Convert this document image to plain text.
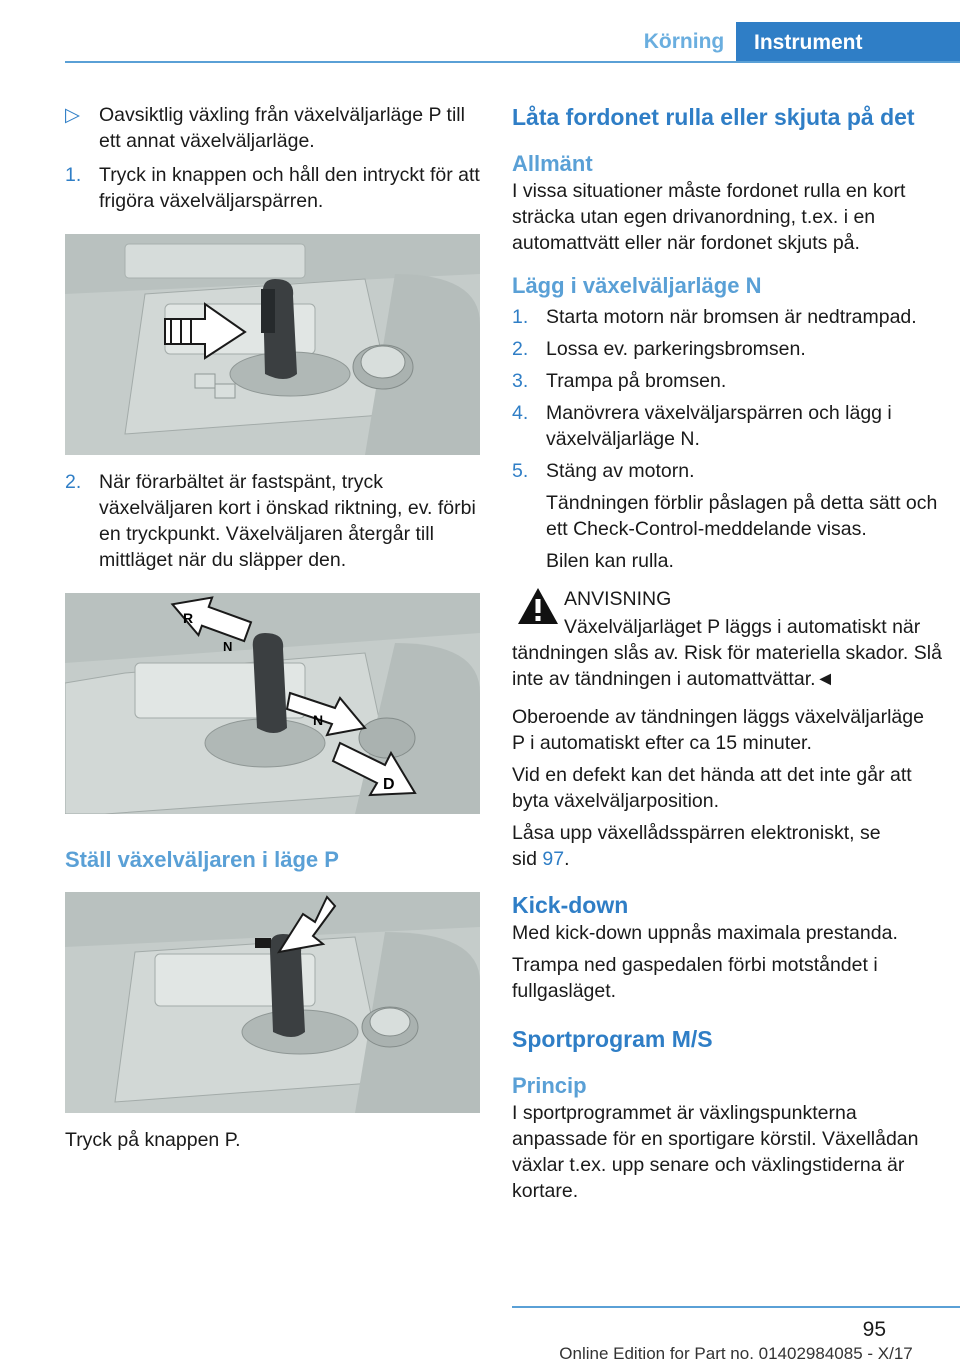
Körning	Instrument
▷ Oavsiktlig växling från växelväljarläge P till ett annat växelväljarläge.
1. Tryck in knappen och håll den intryckt för att frigöra växelväljarspärren.
2. När förarbältet är fastspänt, tryck växelväljaren kort i önskad riktning, ev. förbi en tryckpunkt. Växelväljaren återgår till mittläget när du släpper den.
R
N
N
D
Ställ växelväljaren i läge P
Tryck på knappen P.
Låta fordonet rulla eller skjuta på det
Allmänt
I vissa situationer måste fordonet rulla en kort sträcka utan egen drivanordning, t.ex. i en automattvätt eller när fordonet skjuts på.
Lägg i växelväljarläge N
1. Starta motorn när bromsen är nedtrampad.
2. Lossa ev. parkeringsbromsen.
3. Trampa på bromsen.
4. Manövrera växelväljarspärren och lägg i växelväljarläge N.
5. Stäng av motorn.
Tändningen förblir påslagen på detta sätt och ett Check-Control-meddelande visas.
Bilen kan rulla.
ANVISNING
Växelväljarläget P läggs i automatiskt när tändningen slås av. Risk för materiella skador. Slå inte av tändningen i automattvättar.◄
Oberoende av tändningen läggs växelväljarläge P i automatiskt efter ca 15 minuter.
Vid en defekt kan det hända att det inte går att byta växelväljarposition.
Låsa upp växellådsspärren elektroniskt, se
sid 97.
Kick-down
Med kick-down uppnås maximala prestanda.
Trampa ned gaspedalen förbi motståndet i fullgasläget.
Sportprogram M/S
Princip
I sportprogrammet är växlingspunkterna anpassade för en sportigare körstil. Växellådan växlar t.ex. upp senare och växlingstiderna är kortare.
95
Online Edition for Part no. 01402984085 - X/17
